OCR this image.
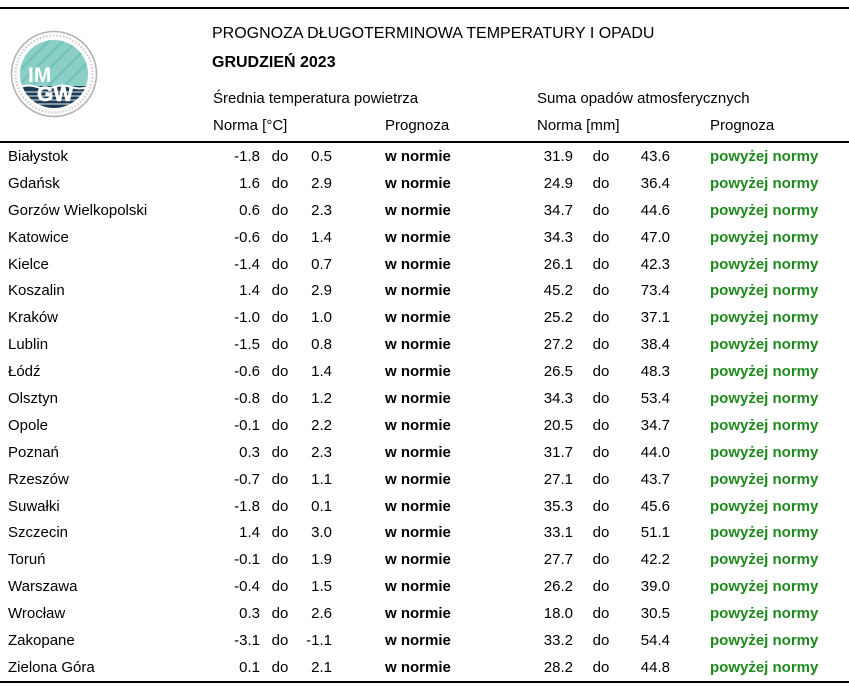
IM
GW
PROGNOZA DŁUGOTERMINOWA TEMPERATURY I OPADU
GRUDZIEŃ 2023
Średnia temperatura powietrza	Suma opadów atmosferycznych
Norma [°C]	Prognoza	Norma [mm]	Prognoza
Białystok	-1.8 do	0.5	w normie	31.9	do	43.6	powyżej normy
Gdańsk	1.6 do	2.9	w normie	24.9	do	36.4	powyżej normy
Gorzów Wielkopolski	0.6 do	2.3	w normie	34.7	do	44.6	powyżej normy
Katowice	-0.6 do	1.4	w normie	34.3	do	47.0	powyżej normy
Kielce	-1.4 do	0.7	w normie	26.1	do	42.3	powyżej normy
Koszalin	1.4 do	2.9	w normie	45.2	do	73.4	powyżej normy
Kraków	-1.0 do	1.0	w normie	25.2	do	37.1	powyżej normy
Lublin	-1.5 do	0.8	w normie	27.2	do	38.4	powyżej normy
Łódź	-0.6 do	1.4	w normie	26.5	do	48.3	powyżej normy
Olsztyn	-0.8 do	1.2	w normie	34.3	do	53.4	powyżej normy
Opole	-0.1 do	2.2	w normie	20.5	do	34.7	powyżej normy
Poznań	0.3 do	2.3	w normie	31.7	do	44.0	powyżej normy
Rzeszów	-0.7 do	1.1	w normie	27.1	do	43.7	powyżej normy
Suwałki	-1.8 do	0.1	w normie	35.3	do	45.6	powyżej normy
Szczecin	1.4 do	3.0	w normie	33.1	do	51.1	powyżej normy
Toruń	-0.1 do	1.9	w normie	27.7	do	42.2	powyżej normy
Warszawa	-0.4 do	1.5	w normie	26.2	do	39.0	powyżej normy
Wrocław	0.3 do	2.6	w normie	18.0	do	30.5	powyżej normy
Zakopane	-3.1 do	-1.1	w normie	33.2	do	54.4	powyżej normy
Zielona Góra	0.1 do	2.1	w normie	28.2	do	44.8	powyżej normy
